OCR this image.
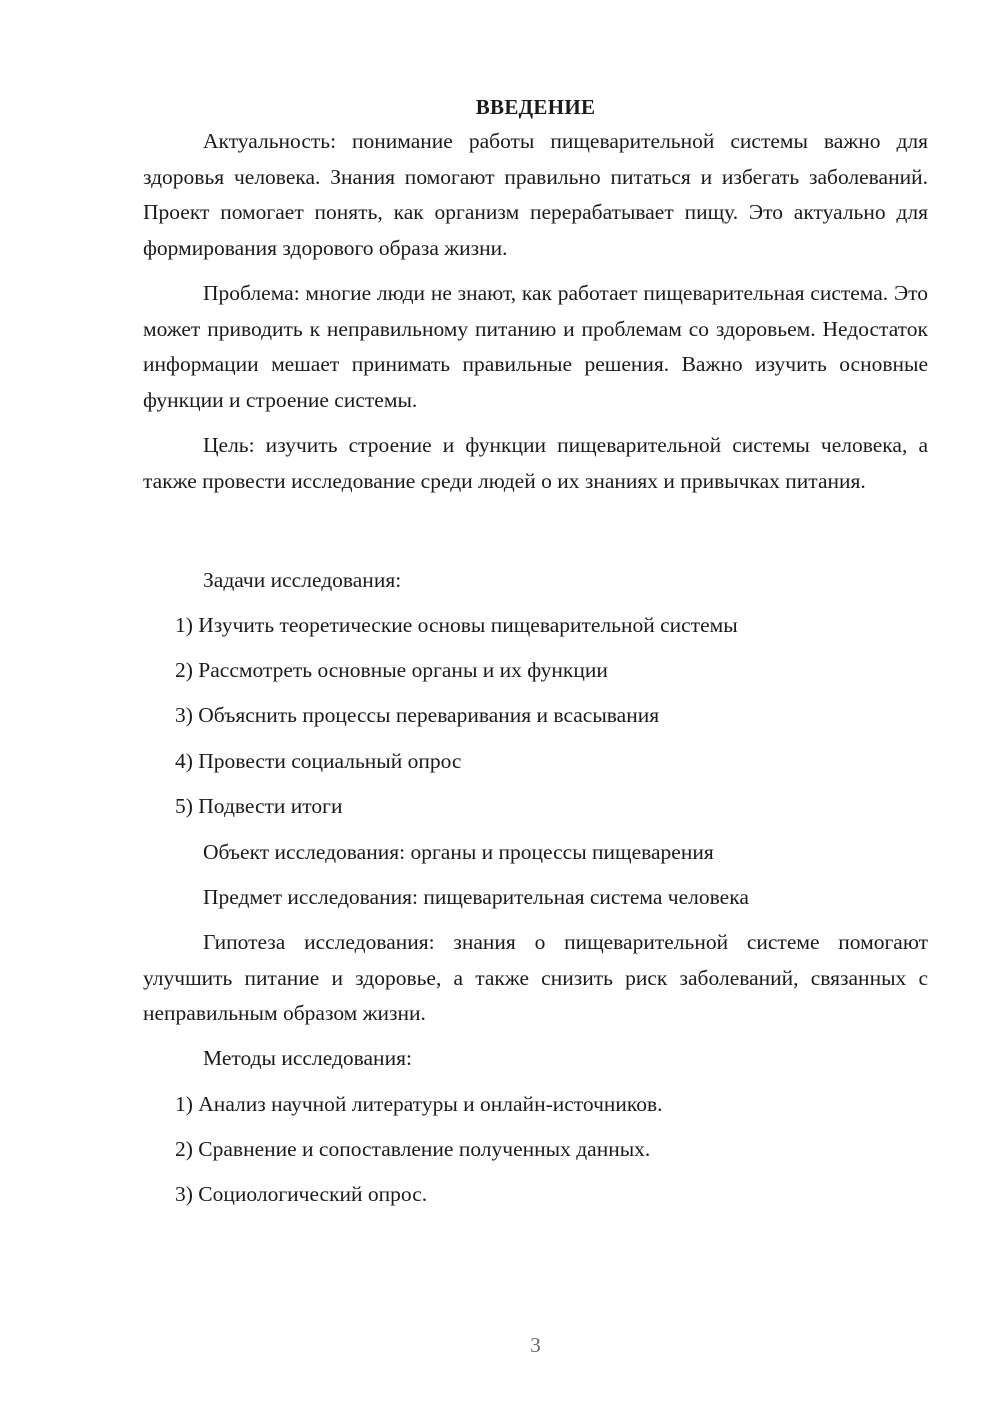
ВВЕДЕНИЕ

Актуальность: понимание работы пищеварительной системы важно для здоровья человека. Знания помогают правильно питаться и избегать заболеваний. Проект помогает понять, как организм перерабатывает пищу. Это актуально для формирования здорового образа жизни.

Проблема: многие люди не знают, как работает пищеварительная система. Это может приводить к неправильному питанию и проблемам со здоровьем. Недостаток информации мешает принимать правильные решения. Важно изучить основные функции и строение системы.

Цель: изучить строение и функции пищеварительной системы человека, а также провести исследование среди людей о их знаниях и привычках питания.

Задачи исследования:
1) Изучить теоретические основы пищеварительной системы
2) Рассмотреть основные органы и их функции
3) Объяснить процессы переваривания и всасывания
4) Провести социальный опрос
5) Подвести итоги
Объект исследования: органы и процессы пищеварения
Предмет исследования: пищеварительная система человека

Гипотеза исследования: знания о пищеварительной системе помогают улучшить питание и здоровье, а также снизить риск заболеваний, связанных с неправильным образом жизни.

Методы исследования:
1) Анализ научной литературы и онлайн-источников.
2) Сравнение и сопоставление полученных данных.
3) Социологический опрос.
3
